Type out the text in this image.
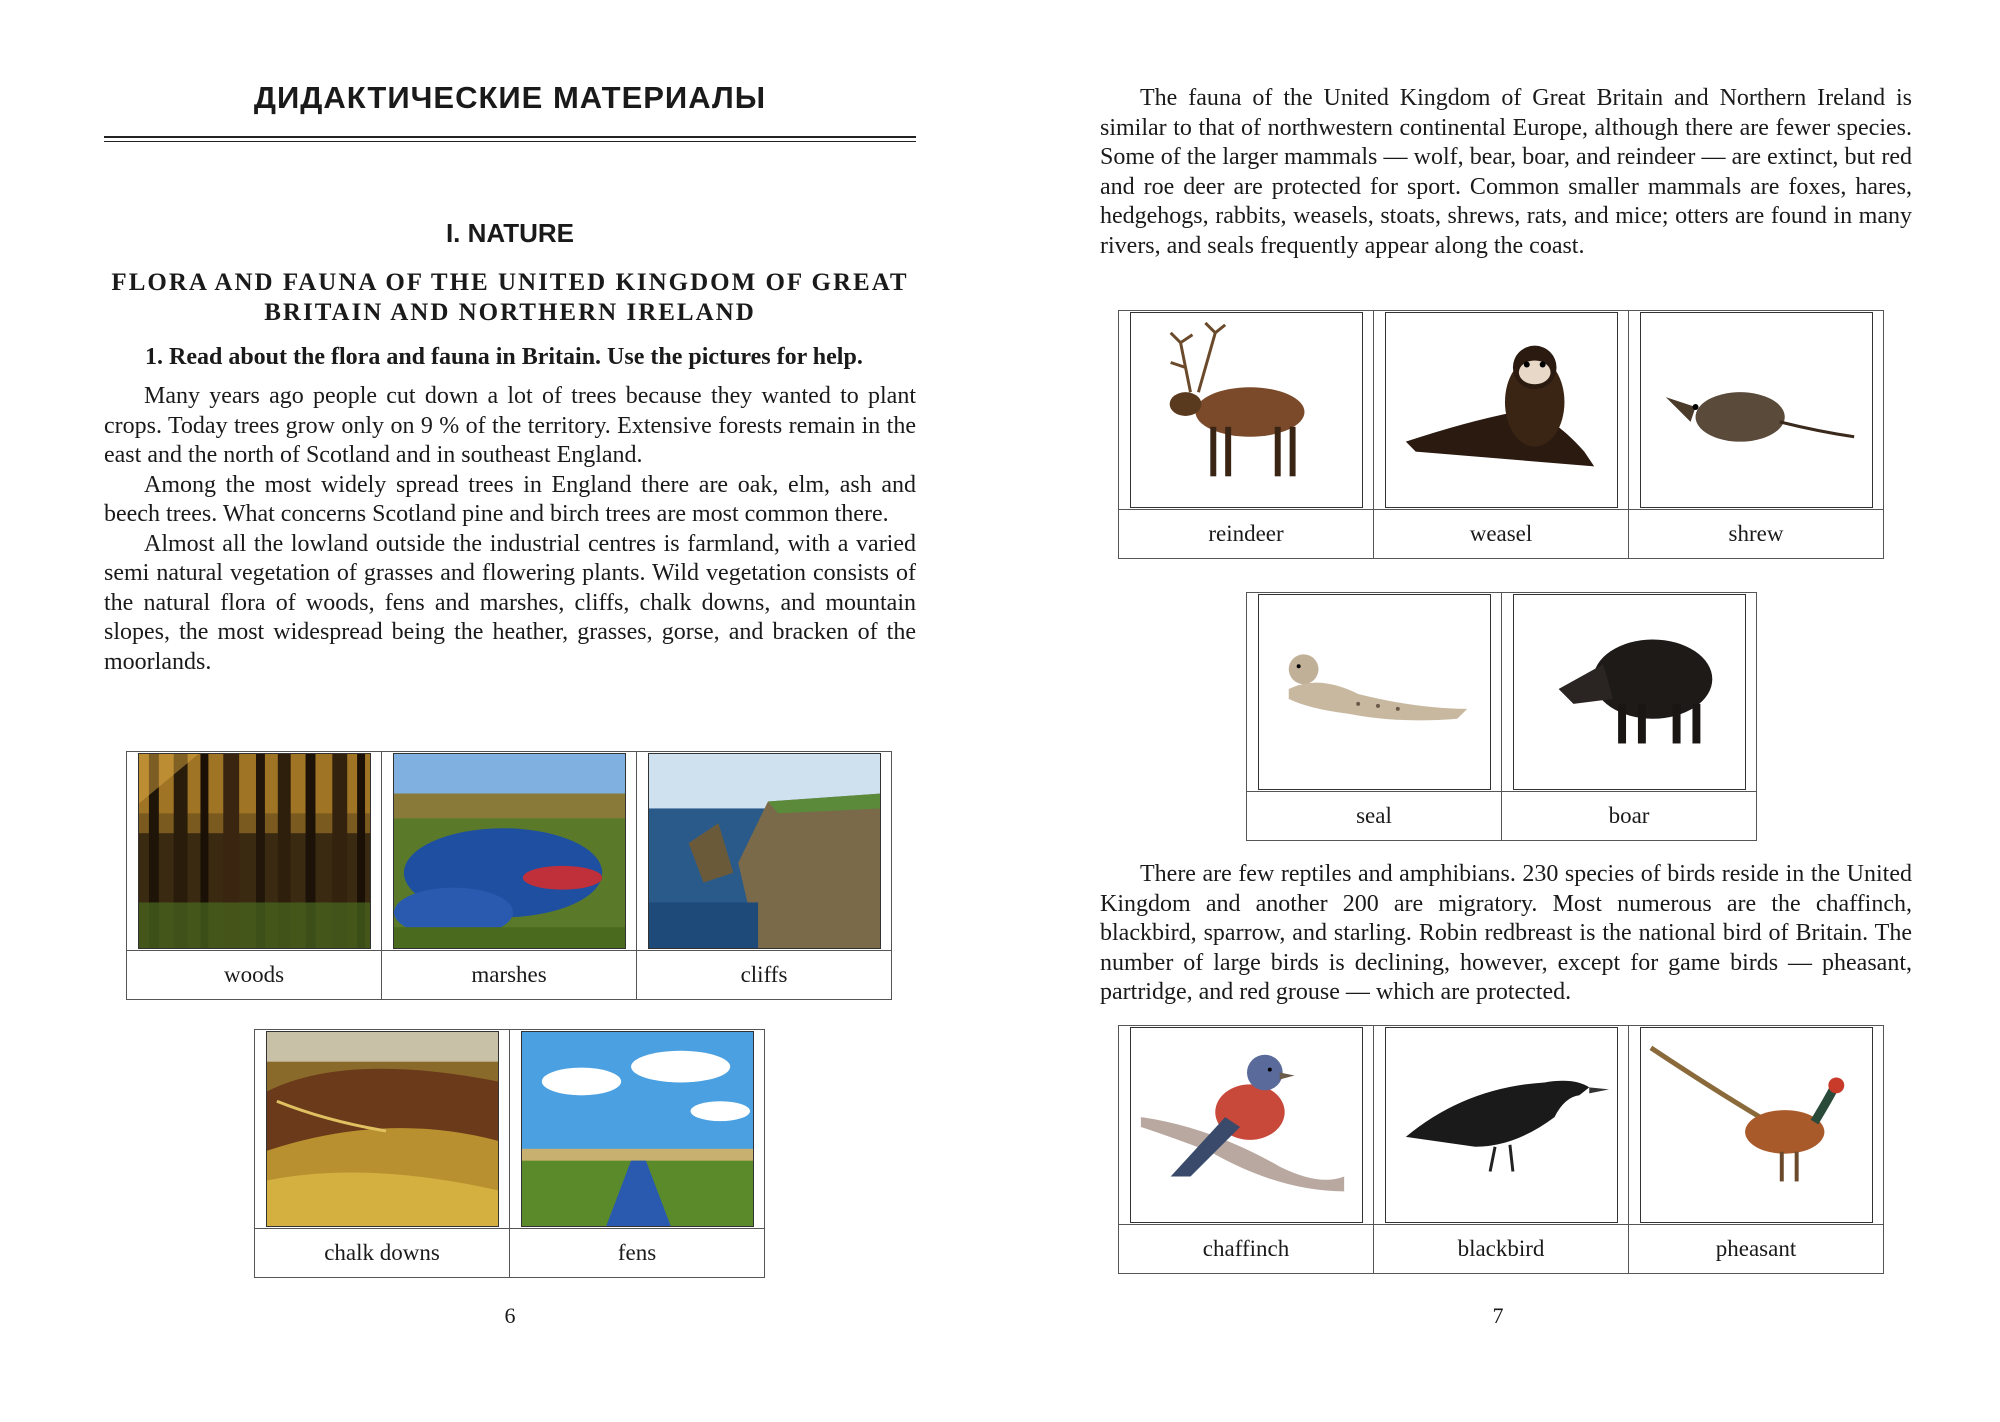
ДИДАКТИЧЕСКИЕ МАТЕРИАЛЫ
I. NATURE
FLORA AND FAUNA OF THE UNITED KINGDOM OF GREAT
BRITAIN AND NORTHERN IRELAND
1. Read about the flora and fauna in Britain. Use the pictures for help.

Many years ago people cut down a lot of trees because they wanted to plant crops. Today trees grow only on 9 % of the territory. Extensive forests remain in the east and the north of Scotland and in southeast England.

Among the most widely spread trees in England there are oak, elm, ash and beech trees. What concerns Scotland pine and birch trees are most common there.

Almost all the lowland outside the industrial centres is farmland, with a varied semi natural vegetation of grasses and flowering plants. Wild vegetation consists of the natural flora of woods, fens and marshes, cliffs, chalk downs, and mountain slopes, the most widespread being the heather, grasses, gorse, and bracken of the moorlands.

woods	marshes	cliffs
chalk downs	fens
6

The fauna of the United Kingdom of Great Britain and Northern Ireland is similar to that of northwestern continental Europe, although there are fewer species. Some of the larger mammals — wolf, bear, boar, and reindeer — are extinct, but red and roe deer are protected for sport. Common smaller mammals are foxes, hares, hedgehogs, rabbits, weasels, stoats, shrews, rats, and mice; otters are found in many rivers, and seals frequently appear along the coast.

reindeer	weasel	shrew
seal	boar

There are few reptiles and amphibians. 230 species of birds reside in the United Kingdom and another 200 are migratory. Most numerous are the chaffinch, blackbird, sparrow, and starling. Robin redbreast is the national bird of Britain. The number of large birds is declining, however, except for game birds — pheasant, partridge, and red grouse — which are protected.

chaffinch	blackbird	pheasant
7
